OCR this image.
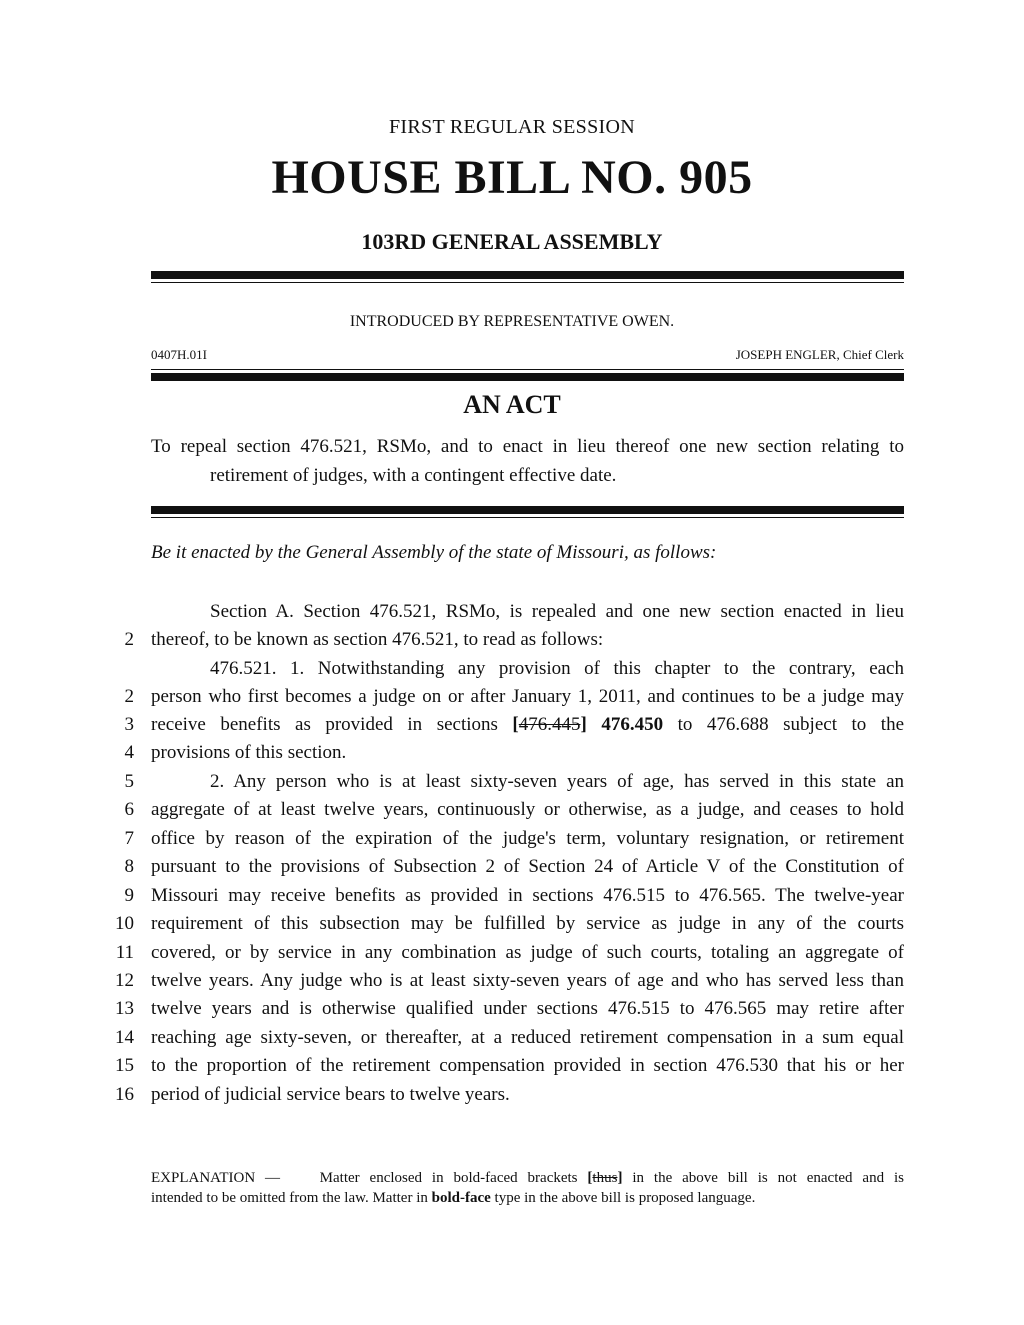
FIRST REGULAR SESSION
HOUSE BILL NO. 905
103RD GENERAL ASSEMBLY
INTRODUCED BY REPRESENTATIVE OWEN.
0407H.01I	JOSEPH ENGLER, Chief Clerk
AN ACT
To repeal section 476.521, RSMo, and to enact in lieu thereof one new section relating to
retirement of judges, with a contingent effective date.
Be it enacted by the General Assembly of the state of Missouri, as follows:
Section A. Section 476.521, RSMo, is repealed and one new section enacted in lieu
2 thereof, to be known as section 476.521, to read as follows:
476.521. 1. Notwithstanding any provision of this chapter to the contrary, each
2 person who first becomes a judge on or after January 1, 2011, and continues to be a judge may
3 receive benefits as provided in sections [476.445] 476.450 to 476.688 subject to the
4 provisions of this section.
5	2. Any person who is at least sixty-seven years of age, has served in this state an
6 aggregate of at least twelve years, continuously or otherwise, as a judge, and ceases to hold
7 office by reason of the expiration of the judge's term, voluntary resignation, or retirement
8 pursuant to the provisions of Subsection 2 of Section 24 of Article V of the Constitution of
9 Missouri may receive benefits as provided in sections 476.515 to 476.565. The twelve-year
10 requirement of this subsection may be fulfilled by service as judge in any of the courts
11 covered, or by service in any combination as judge of such courts, totaling an aggregate of
12 twelve years. Any judge who is at least sixty-seven years of age and who has served less than
13 twelve years and is otherwise qualified under sections 476.515 to 476.565 may retire after
14 reaching age sixty-seven, or thereafter, at a reduced retirement compensation in a sum equal
15 to the proportion of the retirement compensation provided in section 476.530 that his or her
16 period of judicial service bears to twelve years.
EXPLANATION —	Matter enclosed in bold-faced brackets [thus] in the above bill is not enacted and is
intended to be omitted from the law. Matter in bold-face type in the above bill is proposed language.
